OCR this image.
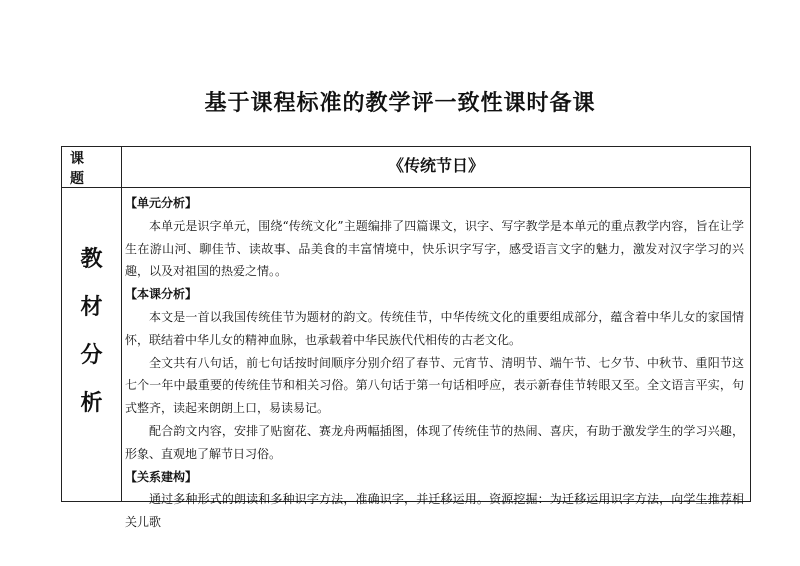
基于课程标准的教学评一致性课时备课
课 题
《传统节日》
教
材
分
析

【单元分析】

本单元是识字单元，围绕“传统文化”主题编排了四篇课文，识字、写字教学是本单元的重点教学内容，旨在让学生在游山河、聊佳节、读故事、品美食的丰富情境中，快乐识字写字，感受语言文字的魅力，激发对汉字学习的兴趣，以及对祖国的热爱之情。。

【本课分析】

本文是一首以我国传统佳节为题材的韵文。传统佳节，中华传统文化的重要组成部分，蕴含着中华儿女的家国情怀，联结着中华儿女的精神血脉，也承载着中华民族代代相传的古老文化。

全文共有八句话，前七句话按时间顺序分别介绍了春节、元宵节、清明节、端午节、七夕节、中秋节、重阳节这七个一年中最重要的传统佳节和相关习俗。第八句话于第一句话相呼应，表示新春佳节转眼又至。全文语言平实，句式整齐，读起来朗朗上口，易读易记。

配合韵文内容，安排了贴窗花、赛龙舟两幅插图，体现了传统佳节的热闹、喜庆，有助于激发学生的学习兴趣，形象、直观地了解节日习俗。

【关系建构】

通过多种形式的朗读和多种识字方法，准确识字，并迁移运用。资源挖掘：为迁移运用识字方法，向学生推荐相关儿歌
